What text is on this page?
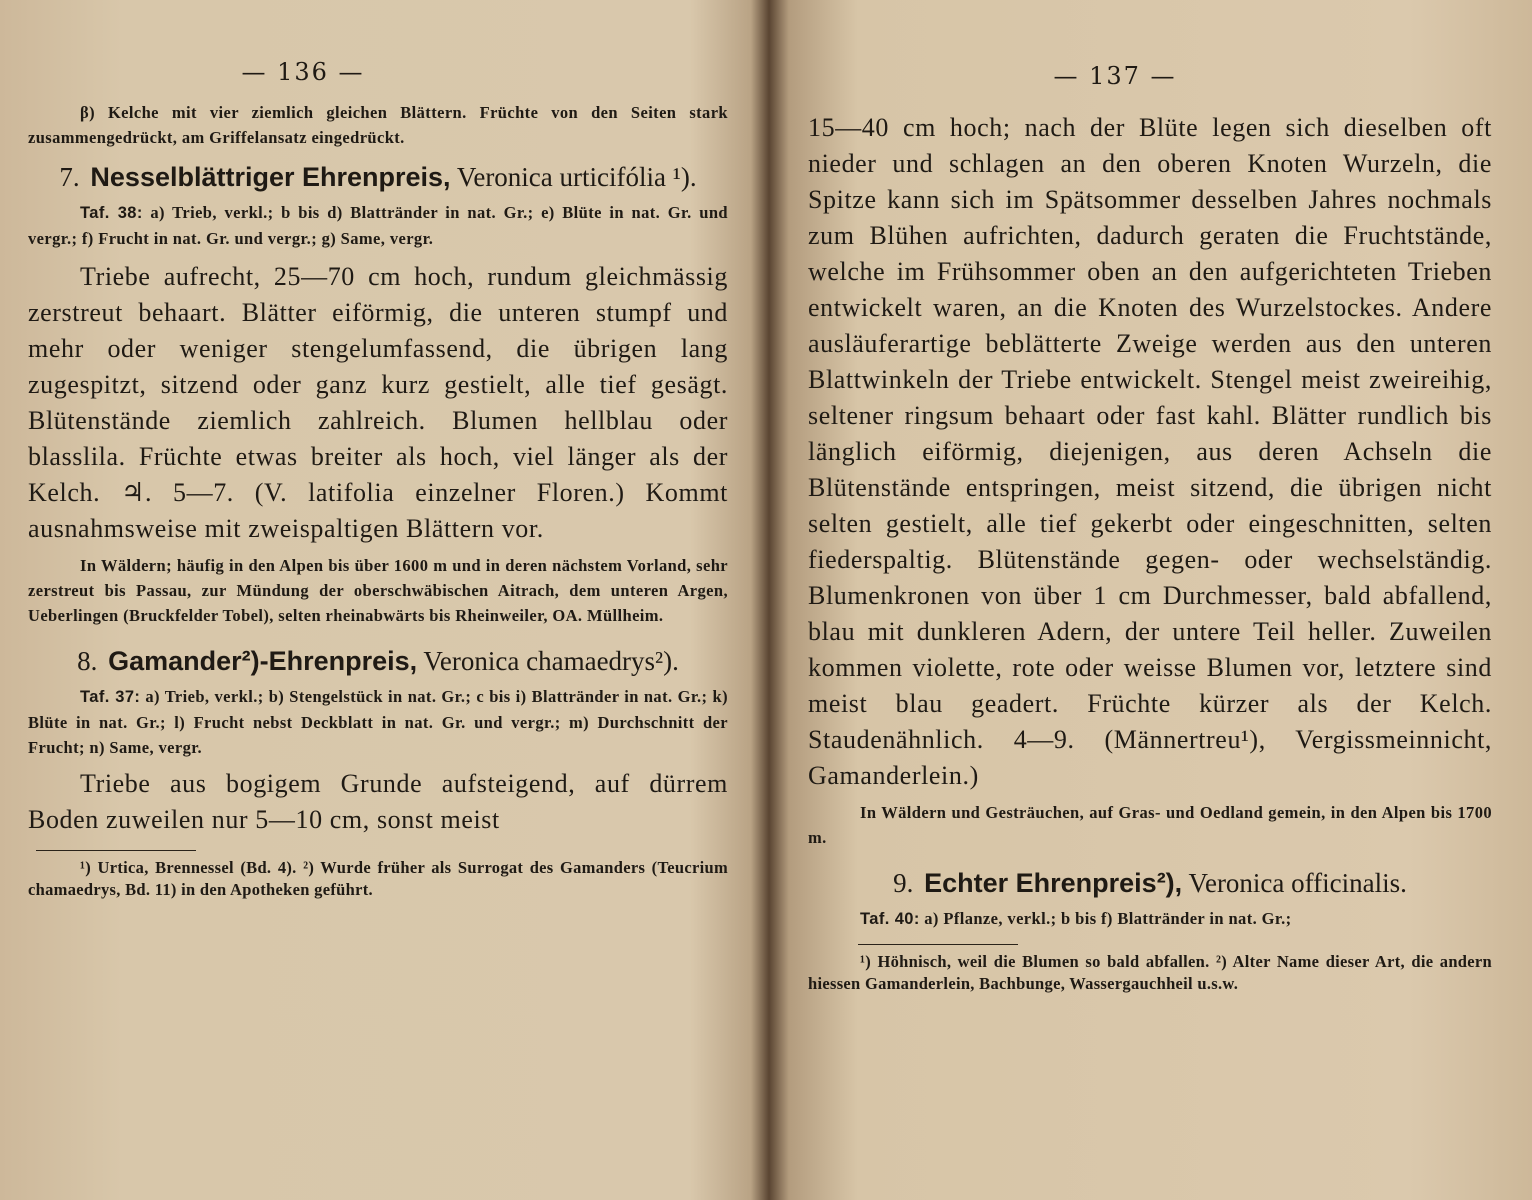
— 136 —

β) Kelche mit vier ziemlich gleichen Blättern. Früchte von den Seiten stark zusammengedrückt, am Griffelansatz eingedrückt.

7. Nesselblättriger Ehrenpreis, Veronica urticifólia ¹).

Taf. 38: a) Trieb, verkl.; b bis d) Blattränder in nat. Gr.; e) Blüte in nat. Gr. und vergr.; f) Frucht in nat. Gr. und vergr.; g) Same, vergr.

Triebe aufrecht, 25—70 cm hoch, rundum gleichmässig zerstreut behaart. Blätter eiförmig, die unteren stumpf und mehr oder weniger stengelumfassend, die übrigen lang zugespitzt, sitzend oder ganz kurz gestielt, alle tief gesägt. Blütenstände ziemlich zahlreich. Blumen hellblau oder blasslila. Früchte etwas breiter als hoch, viel länger als der Kelch. ♃. 5—7. (V. latifolia einzelner Floren.) Kommt ausnahmsweise mit zweispaltigen Blättern vor.

In Wäldern; häufig in den Alpen bis über 1600 m und in deren nächstem Vorland, sehr zerstreut bis Passau, zur Mündung der oberschwäbischen Aitrach, dem unteren Argen, Ueberlingen (Bruckfelder Tobel), selten rheinabwärts bis Rheinweiler, OA. Müllheim.

8. Gamander²)-Ehrenpreis, Veronica chamaedrys²).

Taf. 37: a) Trieb, verkl.; b) Stengelstück in nat. Gr.; c bis i) Blattränder in nat. Gr.; k) Blüte in nat. Gr.; l) Frucht nebst Deckblatt in nat. Gr. und vergr.; m) Durchschnitt der Frucht; n) Same, vergr.

Triebe aus bogigem Grunde aufsteigend, auf dürrem Boden zuweilen nur 5—10 cm, sonst meist

¹) Urtica, Brennessel (Bd. 4). ²) Wurde früher als Surrogat des Gamanders (Teucrium chamaedrys, Bd. 11) in den Apotheken geführt.

— 137 —

15—40 cm hoch; nach der Blüte legen sich dieselben oft nieder und schlagen an den oberen Knoten Wurzeln, die Spitze kann sich im Spätsommer desselben Jahres nochmals zum Blühen aufrichten, dadurch geraten die Fruchtstände, welche im Frühsommer oben an den aufgerichteten Trieben entwickelt waren, an die Knoten des Wurzelstockes. Andere ausläuferartige beblätterte Zweige werden aus den unteren Blattwinkeln der Triebe entwickelt. Stengel meist zweireihig, seltener ringsum behaart oder fast kahl. Blätter rundlich bis länglich eiförmig, diejenigen, aus deren Achseln die Blütenstände entspringen, meist sitzend, die übrigen nicht selten gestielt, alle tief gekerbt oder eingeschnitten, selten fiederspaltig. Blütenstände gegen- oder wechselständig. Blumenkronen von über 1 cm Durchmesser, bald abfallend, blau mit dunkleren Adern, der untere Teil heller. Zuweilen kommen violette, rote oder weisse Blumen vor, letztere sind meist blau geadert. Früchte kürzer als der Kelch. Staudenähnlich. 4—9. (Männertreu¹), Vergissmeinnicht, Gamanderlein.)

In Wäldern und Gesträuchen, auf Gras- und Oedland gemein, in den Alpen bis 1700 m.

9. Echter Ehrenpreis²), Veronica officinalis.

Taf. 40: a) Pflanze, verkl.; b bis f) Blattränder in nat. Gr.;

¹) Höhnisch, weil die Blumen so bald abfallen. ²) Alter Name dieser Art, die andern hiessen Gamanderlein, Bachbunge, Wassergauchheil u.s.w.
